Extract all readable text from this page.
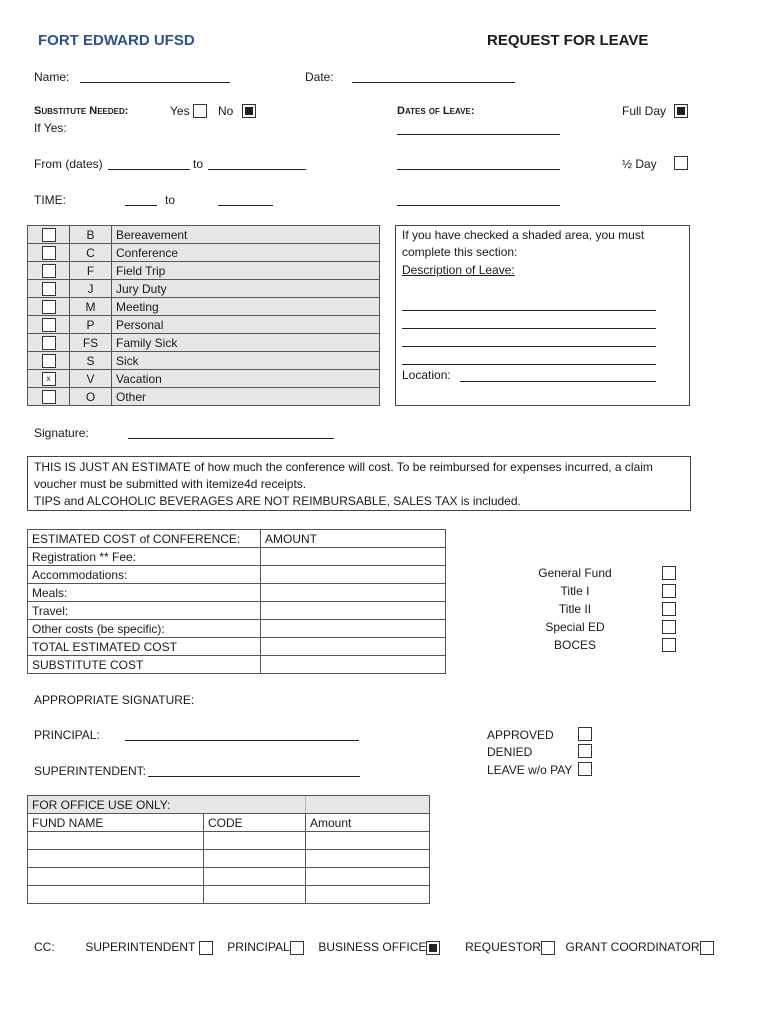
FORT EDWARD UFSD	REQUEST FOR LEAVE
Name:	Date:
Substitute Needed:	Yes No
If Yes:
Dates of Leave:	Full Day
From (dates)	to	½ Day
TIME:	to
	B	Bereavement
	C	Conference
	F	Field Trip
	J	Jury Duty
	M	Meeting
	P	Personal
	FS	Family Sick
	S	Sick
x	V	Vacation
	O	Other
If you have checked a shaded area, you must
complete this section:
Description of Leave:
Location:
Signature:
THIS IS JUST AN ESTIMATE of how much the conference will cost. To be reimbursed for expenses incurred, a claim
voucher must be submitted with itemize4d receipts.
TIPS and ALCOHOLIC BEVERAGES ARE NOT REIMBURSABLE, SALES TAX is included.
ESTIMATED COST of CONFERENCE:	AMOUNT
Registration ** Fee:	
Accommodations:	
Meals:	
Travel:	
Other costs (be specific):	
TOTAL ESTIMATED COST	
SUBSTITUTE COST	
General Fund
Title I
Title II
Special ED
BOCES
APPROPRIATE SIGNATURE:
PRINCIPAL:
SUPERINTENDENT:
APPROVED
DENIED
LEAVE w/o PAY
FOR OFFICE USE ONLY:		
FUND NAME	CODE	Amount

CC:	SUPERINTENDENT	PRINCIPAL BUSINESS OFFICE	REQUESTOR GRANT COORDINATOR
